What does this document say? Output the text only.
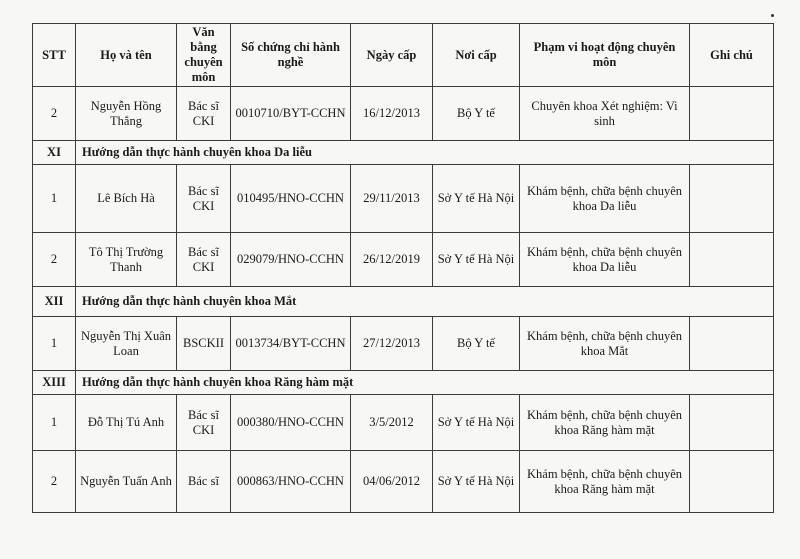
STT	Họ và tên	Văn bằng chuyên môn	Số chứng chỉ hành nghề	Ngày cấp	Nơi cấp	Phạm vi hoạt động chuyên môn	Ghi chú
2	Nguyễn Hồng Thắng	Bác sĩ CKI	0010710/BYT-CCHN	16/12/2013	Bộ Y tế	Chuyên khoa Xét nghiệm: Vi sinh	
XI	Hướng dẫn thực hành chuyên khoa Da liễu						
1	Lê Bích Hà	Bác sĩ CKI	010495/HNO-CCHN	29/11/2013	Sở Y tế Hà Nội	Khám bệnh, chữa bệnh chuyên khoa Da liễu	
2	Tô Thị Trường Thanh	Bác sĩ CKI	029079/HNO-CCHN	26/12/2019	Sở Y tế Hà Nội	Khám bệnh, chữa bệnh chuyên khoa Da liễu	
XII	Hướng dẫn thực hành chuyên khoa Mắt						
1	Nguyễn Thị Xuân Loan	BSCKII	0013734/BYT-CCHN	27/12/2013	Bộ Y tế	Khám bệnh, chữa bệnh chuyên khoa Mắt	
XIII	Hướng dẫn thực hành chuyên khoa Răng hàm mặt						
1	Đỗ Thị Tú Anh	Bác sĩ CKI	000380/HNO-CCHN	3/5/2012	Sở Y tế Hà Nội	Khám bệnh, chữa bệnh chuyên khoa Răng hàm mặt	
2	Nguyễn Tuấn Anh	Bác sĩ	000863/HNO-CCHN	04/06/2012	Sở Y tế Hà Nội	Khám bệnh, chữa bệnh chuyên khoa Răng hàm mặt	
